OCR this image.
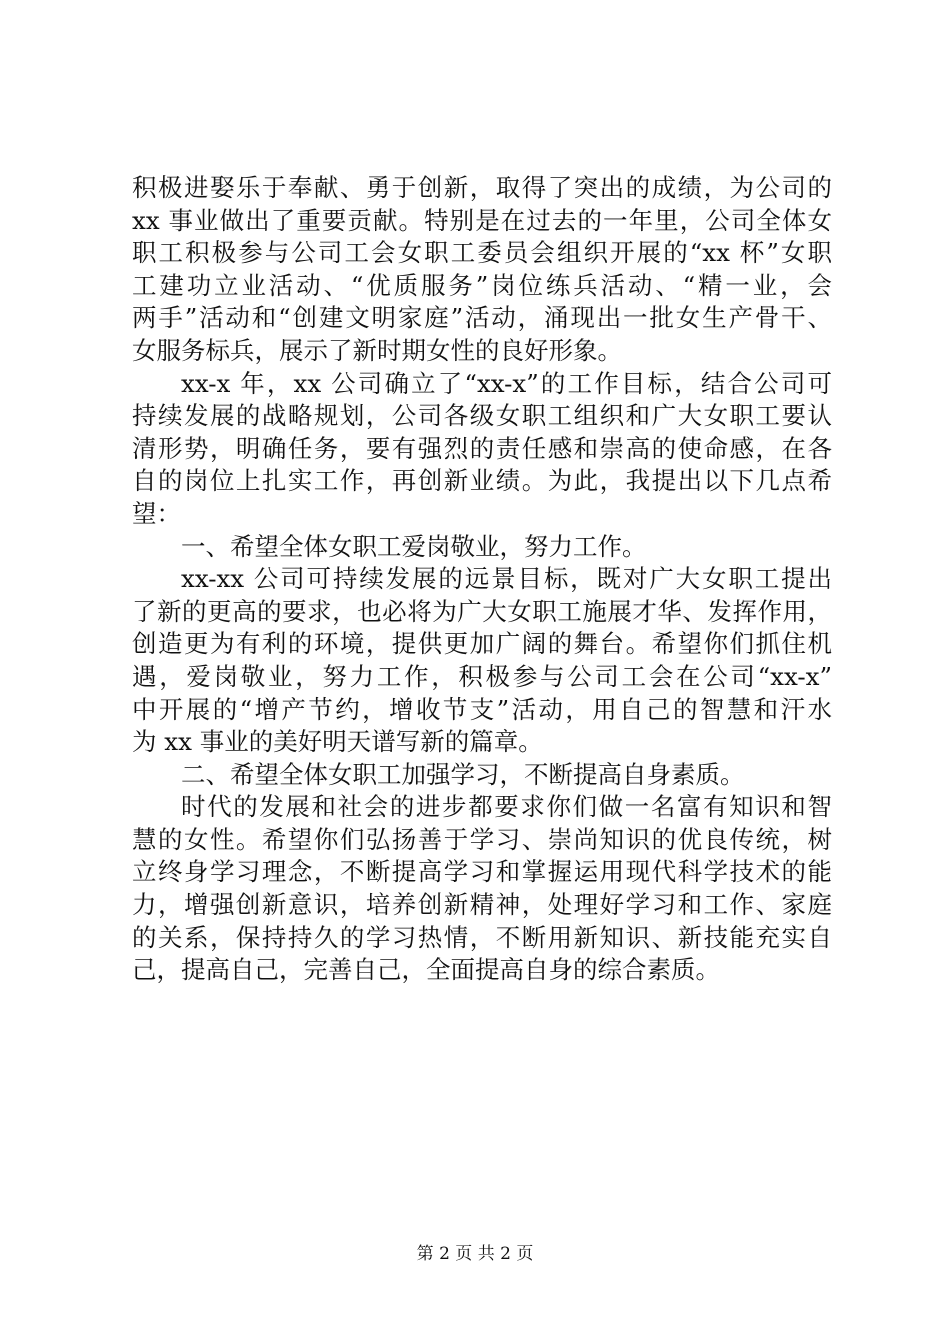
积极进娶乐于奉献、勇于创新，取得了突出的成绩，为公司的
xx 事业做出了重要贡献。特别是在过去的一年里，公司全体女
职工积极参与公司工会女职工委员会组织开展的“xx 杯”女职
工建功立业活动、“优质服务”岗位练兵活动、“精一业，会
两手”活动和“创建文明家庭”活动，涌现出一批女生产骨干、
女服务标兵，展示了新时期女性的良好形象。
xx-x 年，xx 公司确立了“xx-x”的工作目标，结合公司可
持续发展的战略规划，公司各级女职工组织和广大女职工要认
清形势，明确任务，要有强烈的责任感和崇高的使命感，在各
自的岗位上扎实工作，再创新业绩。为此，我提出以下几点希
望：
一、希望全体女职工爱岗敬业，努力工作。
xx-xx 公司可持续发展的远景目标，既对广大女职工提出
了新的更高的要求，也必将为广大女职工施展才华、发挥作用，
创造更为有利的环境，提供更加广阔的舞台。希望你们抓住机
遇，爱岗敬业，努力工作，积极参与公司工会在公司“xx-x”
中开展的“增产节约，增收节支”活动，用自己的智慧和汗水
为 xx 事业的美好明天谱写新的篇章。
二、希望全体女职工加强学习，不断提高自身素质。
时代的发展和社会的进步都要求你们做一名富有知识和智
慧的女性。希望你们弘扬善于学习、崇尚知识的优良传统，树
立终身学习理念，不断提高学习和掌握运用现代科学技术的能
力，增强创新意识，培养创新精神，处理好学习和工作、家庭
的关系，保持持久的学习热情，不断用新知识、新技能充实自
己，提高自己，完善自己，全面提高自身的综合素质。
第 2 页 共 2 页
